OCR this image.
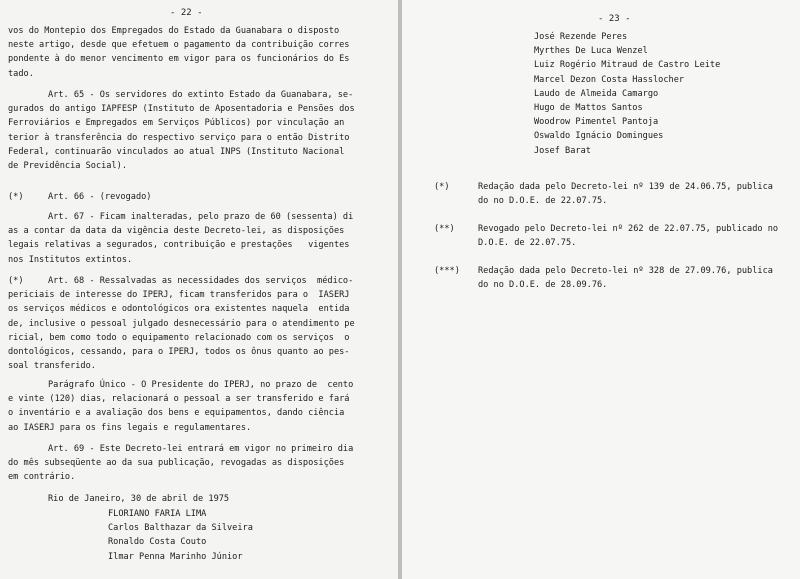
- 22 -
vos do Montepio dos Empregados do Estado da Guanabara o disposto
neste artigo, desde que efetuem o pagamento da contribuição corres
pondente à do menor vencimento em vigor para os funcionários do Es
tado.
Art. 65 - Os servidores do extinto Estado da Guanabara, se-
gurados do antigo IAPFESP (Instituto de Aposentadoria e Pensões dos
Ferroviários e Empregados em Serviços Públicos) por vinculação an
terior à transferência do respectivo serviço para o então Distrito
Federal, continuarão vinculados ao atual INPS (Instituto Nacional
de Previdência Social).
(*)	Art. 66 - (revogado)
Art. 67 - Ficam inalteradas, pelo prazo de 60 (sessenta) di
as a contar da data da vigência deste Decreto-lei, as disposições
legais relativas a segurados, contribuição e prestações   vigentes
nos Institutos extintos.
(*)	Art. 68 - Ressalvadas as necessidades dos serviços  médico-
periciais de interesse do IPERJ, ficam transferidos para o  IASERJ
os serviços médicos e odontológicos ora existentes naquela  entida
de, inclusive o pessoal julgado desnecessário para o atendimento pe
ricial, bem como todo o equipamento relacionado com os serviços  o
dontológicos, cessando, para o IPERJ, todos os ônus quanto ao pes-
soal transferido.
Parágrafo Único - O Presidente do IPERJ, no prazo de  cento
e vinte (120) dias, relacionará o pessoal a ser transferido e fará
o inventário e a avaliação dos bens e equipamentos, dando ciência
ao IASERJ para os fins legais e regulamentares.
Art. 69 - Este Decreto-lei entrará em vigor no primeiro dia
do mês subseqüente ao da sua publicação, revogadas as disposições
em contrário.
Rio de Janeiro, 30 de abril de 1975
FLORIANO FARIA LIMA
Carlos Balthazar da Silveira
Ronaldo Costa Couto
Ilmar Penna Marinho Júnior
- 23 -
José Rezende Peres
Myrthes De Luca Wenzel
Luiz Rogério Mitraud de Castro Leite
Marcel Dezon Costa Hasslocher
Laudo de Almeida Camargo
Hugo de Mattos Santos
Woodrow Pimentel Pantoja
Oswaldo Ignácio Domingues
Josef Barat
(*)	Redação dada pelo Decreto-lei nº 139 de 24.06.75, publica
do no D.O.E. de 22.07.75.
(**)	Revogado pelo Decreto-lei nº 262 de 22.07.75, publicado no
D.O.E. de 22.07.75.
(***) Redação dada pelo Decreto-lei nº 328 de 27.09.76, publica
do no D.O.E. de 28.09.76.
